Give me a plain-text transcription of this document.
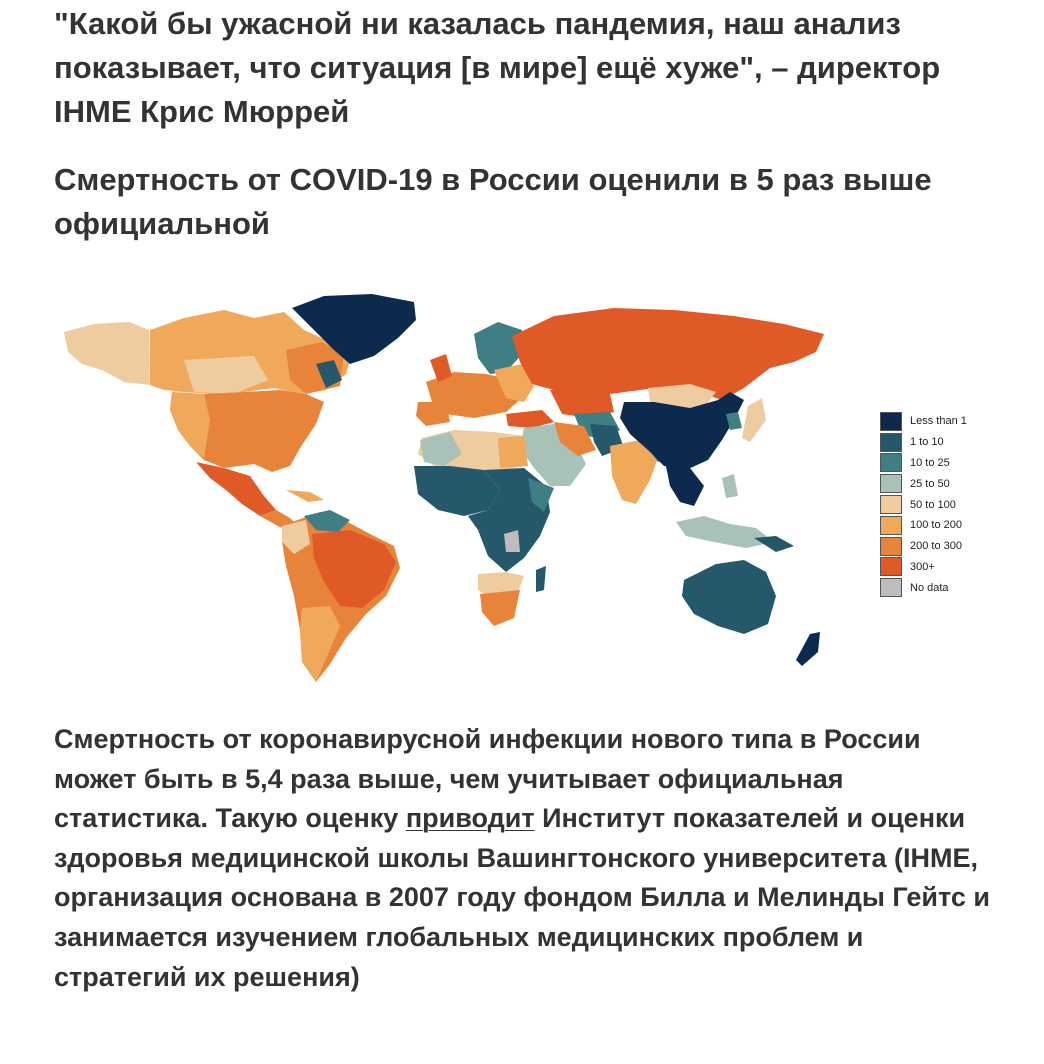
"Какой бы ужасной ни казалась пандемия, наш анализ показывает, что ситуация [в мире] ещё хуже", – директор IHME Крис Мюррей
Смертность от COVID-19 в России оценили в 5 раз выше официальной
Less than 1
1 to 10
10 to 25
25 to 50
50 to 100
100 to 200
200 to 300
300+
No data

Смертность от коронавирусной инфекции нового типа в России может быть в 5,4 раза выше, чем учитывает официальная статистика. Такую оценку приводит Институт показателей и оценки здоровья медицинской школы Вашингтонского университета (IHME, организация основана в 2007 году фондом Билла и Мелинды Гейтс и занимается изучением глобальных медицинских проблем и стратегий их решения)
